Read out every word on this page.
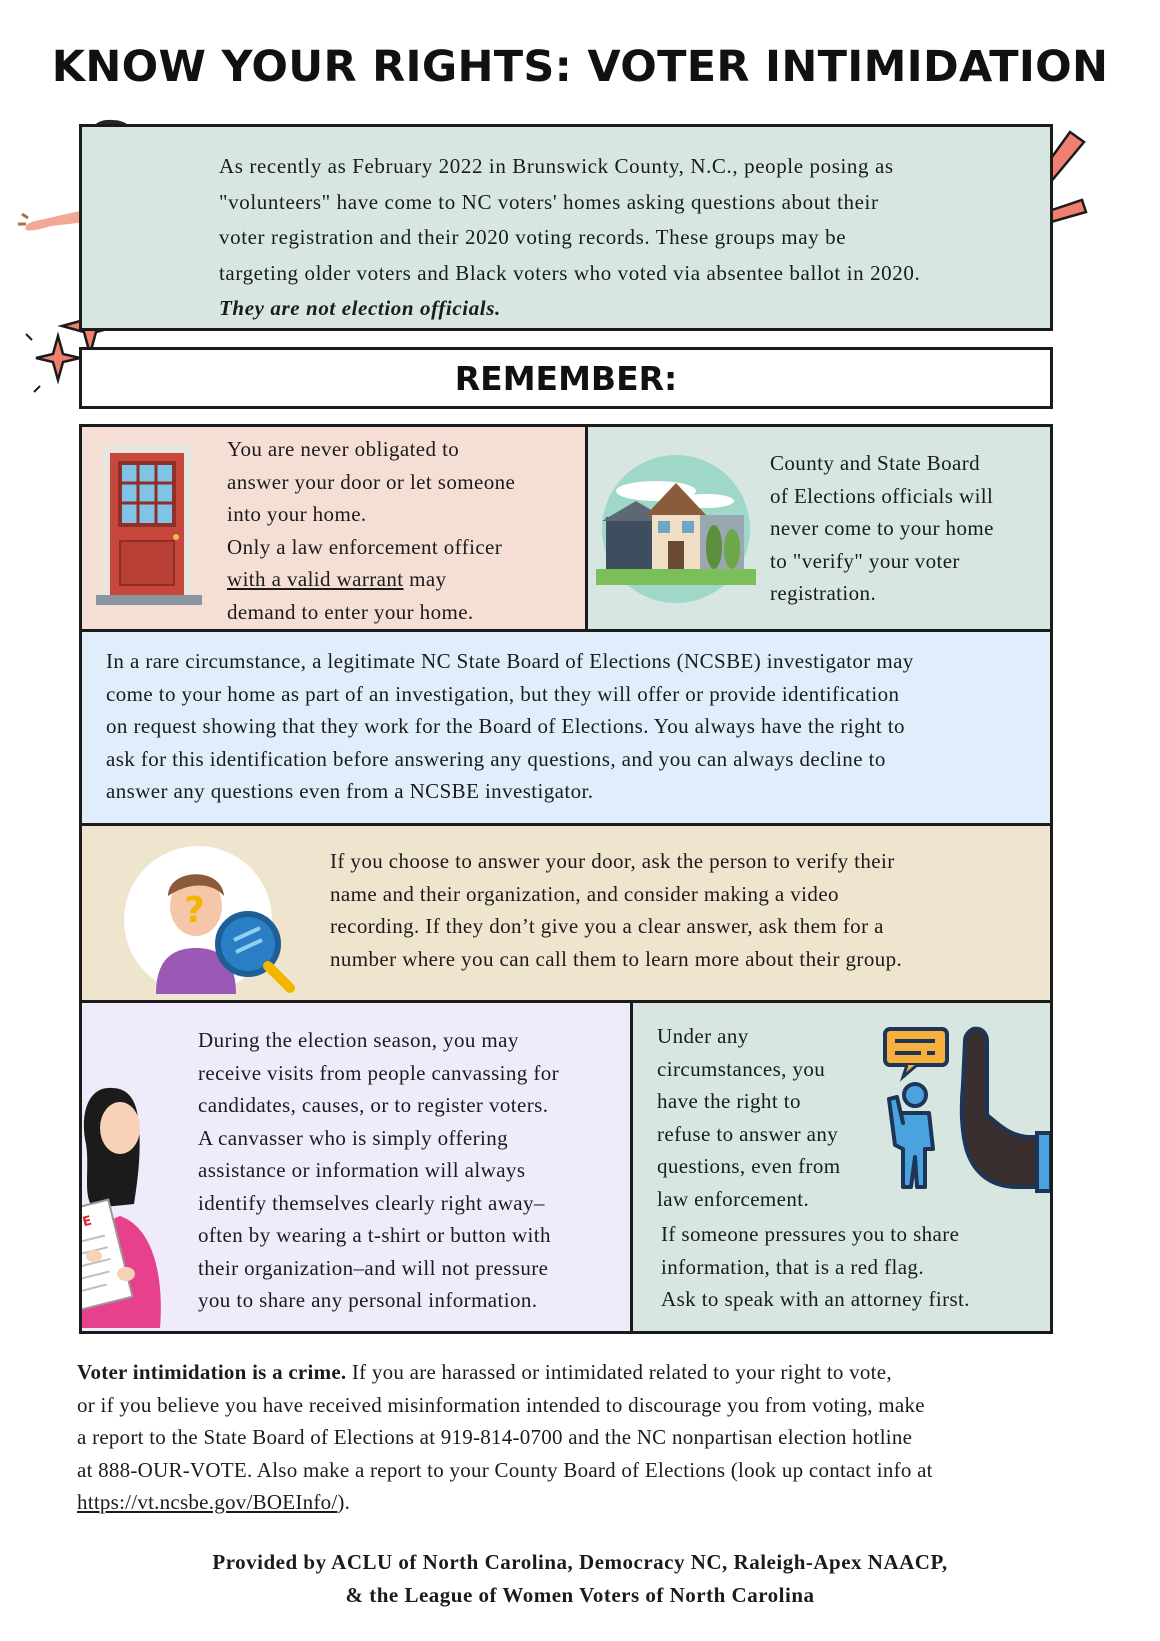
KNOW YOUR RIGHTS: VOTER INTIMIDATION
As recently as February 2022 in Brunswick County, N.C., people posing as
"volunteers" have come to NC voters' homes asking questions about their
voter registration and their 2020 voting records. These groups may be
targeting older voters and Black voters who voted via absentee ballot in 2020.
They are not election officials.
REMEMBER:
You are never obligated to
answer your door or let someone
into your home.
Only a law enforcement officer
with a valid warrant may
demand to enter your home.
County and State Board
of Elections officials will
never come to your home
to "verify" your voter
registration.
In a rare circumstance, a legitimate NC State Board of Elections (NCSBE) investigator may
come to your home as part of an investigation, but they will offer or provide identification
on request showing that they work for the Board of Elections. You always have the right to
ask for this identification before answering any questions, and you can always decline to
answer any questions even from a NCSBE investigator.
?
If you choose to answer your door, ask the person to verify their
name and their organization, and consider making a video
recording. If they don’t give you a clear answer, ask them for a
number where you can call them to learn more about their group.
VOTE
During the election season, you may
receive visits from people canvassing for
candidates, causes, or to register voters.
A canvasser who is simply offering
assistance or information will always
identify themselves clearly right away–
often by wearing a t-shirt or button with
their organization–and will not pressure
you to share any personal information.
Under any
circumstances, you
have the right to
refuse to answer any
questions, even from
law enforcement.
If someone pressures you to share
information, that is a red flag.
Ask to speak with an attorney first.
Voter intimidation is a crime. If you are harassed or intimidated related to your right to vote,
or if you believe you have received misinformation intended to discourage you from voting, make
a report to the State Board of Elections at 919-814-0700 and the NC nonpartisan election hotline
at 888-OUR-VOTE. Also make a report to your County Board of Elections (look up contact info at
https://vt.ncsbe.gov/BOEInfo/).
Provided by ACLU of North Carolina, Democracy NC, Raleigh-Apex NAACP,
& the League of Women Voters of North Carolina
